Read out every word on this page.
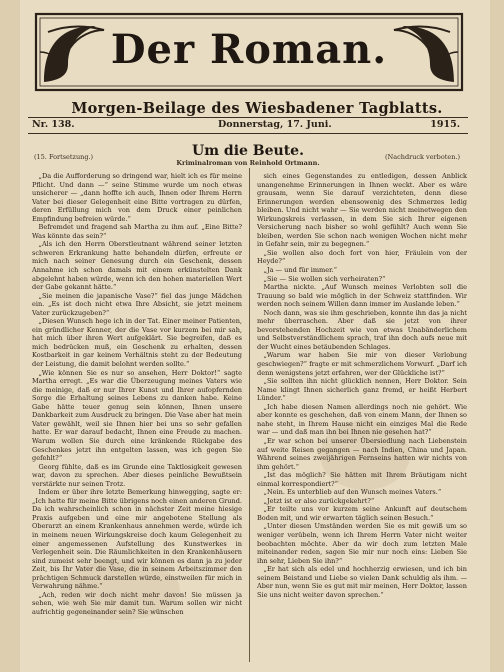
Der Roman.
Morgen-Beilage des Wiesbadener Tagblatts.
Nr. 138.	Donnerstag, 17. Juni.	1915.
Um die Beute.
(15. Fortsetzung.)	(Nachdruck verboten.)
Kriminalroman von Reinhold Ortmann.

 „Da die Aufforderung so dringend war, hielt ich es für meine Pflicht. Und dann —“ seine Stimme wurde um noch etwas unsicherer — „dann hoffte ich auch, Ihnen oder Ihrem Herrn Vater bei dieser Gelegenheit eine Bitte vortragen zu dürfen, deren Erfüllung mich von dem Druck einer peinlichen Empfindung befreien würde.“

 Befremdet und fragend sah Martha zu ihm auf. „Eine Bitte? Was könnte das sein?“

 „Als ich den Herrn Oberstleutnant während seiner letzten schweren Erkrankung hatte behandeln dürfen, erfreute er mich nach seiner Genesung durch ein Geschenk, dessen Annahme ich schon damals mit einem erkünstelten Dank abgelehnt haben würde, wenn ich den hohen materiellen Wert der Gabe gekannt hätte.“

 „Sie meinen die japanische Vase?“ fiel das junge Mädchen ein. „Es ist doch nicht etwa Ihre Absicht, sie jetzt meinem Vater zurückzugeben?“

 „Diesen Wunsch hege ich in der Tat. Einer meiner Patienten, ein gründlicher Kenner, der die Vase vor kurzem bei mir sah, hat mich über ihren Wert aufgeklärt. Sie begreifen, daß es mich bedrücken muß, ein Geschenk zu erhalten, dessen Kostbarkeit in gar keinem Verhältnis steht zu der Bedeutung der Leistung, die damit belohnt werden sollte.“

 „Wie können Sie es nur so ansehen, Herr Doktor!“ sagte Martha erregt. „Es war die Überzeugung meines Vaters wie die meinige, daß er nur Ihrer Kunst und Ihrer aufopfernden Sorge die Erhaltung seines Lebens zu danken habe. Keine Gabe hätte teuer genug sein können, Ihnen unsere Dankbarkeit zum Ausdruck zu bringen. Die Vase aber hat mein Vater gewählt, weil sie Ihnen hier bei uns so sehr gefallen hatte. Er war darauf bedacht, Ihnen eine Freude zu machen. Warum wollen Sie durch eine kränkende Rückgabe des Geschenkes jetzt ihn entgelten lassen, was ich gegen Sie gefehlt?“

 Georg fühlte, daß es im Grunde eine Taktlosigkeit gewesen war, davon zu sprechen. Aber dieses peinliche Bewußtsein verstärkte nur seinen Trotz.

 Indem er über ihre letzte Bemerkung hinwegging, sagte er: „Ich hatte für meine Bitte übrigens noch einen anderen Grund. Da ich wahrscheinlich schon in nächster Zeit meine hiesige Praxis aufgeben und eine mir angebotene Stellung als Oberarzt an einem Krankenhaus annehmen werde, würde ich in meinem neuen Wirkungskreise doch kaum Gelegenheit zu einer angemessenen Aufstellung des Kunstwerkes in Verlegenheit sein. Die Räumlichkeiten in den Krankenhäusern sind zumeist sehr beengt, und wir können es dann ja zu jeder Zeit, bis Ihr Vater die Vase, die in seinem Arbeitszimmer den prächtigen Schmuck darstellen würde, einstweilen für mich in Verwahrung nähme.“

 „Ach, reden wir doch nicht mehr davon! Sie müssen ja sehen, wie weh Sie mir damit tun. Warum sollen wir nicht aufrichtig gegeneinander sein? Sie wünschen

 sich eines Gegenstandes zu entledigen, dessen Anblick unangenehme Erinnerungen in Ihnen weckt. Aber es wäre grausam, wenn Sie darauf verzichteten, denn diese Erinnerungen werden ebensowenig des Schmerzes ledig bleiben. Und nicht wahr — Sie werden nicht meinetwegen den Wirkungskreis verlassen, in dem Sie sich Ihrer eigenen Versicherung nach bisher so wohl gefühlt? Auch wenn Sie bleiben, werden Sie schon nach wenigen Wochen nicht mehr in Gefahr sein, mir zu begegnen.“

 „Sie wollen also doch fort von hier, Fräulein von der Heyde?“

 „Ja — und für immer.“

 „Sie — Sie wollen sich verheiraten?“

 Martha nickte. „Auf Wunsch meines Verlobten soll die Trauung so bald wie möglich in der Schweiz stattfinden. Wir werden noch seinem Willen dann immer im Auslande leben.“

 Noch dann, was sie ihm geschrieben, konnte ihn das ja nicht mehr überraschen. Aber daß sie jetzt von ihrer bevorstehenden Hochzeit wie von etwas Unabänderlichem und Selbstverständlichem sprach, traf ihn doch aufs neue mit der Wucht eines betäubenden Schlages.

 „Warum war haben Sie mir von dieser Verlobung geschwiegen?“ fragte er mit schmerzlichem Vorwurf. „Darf ich denn wenigstens jetzt erfahren, wer der Glückliche ist?“

 „Sie sollten ihn nicht glücklich nennen, Herr Doktor. Sein Name klingt Ihnen sicherlich ganz fremd, er heißt Herbert Lünder.“

 „Ich habe diesen Namen allerdings noch nie gehört. Wie aber konnte es geschehen, daß von einem Mann, der Ihnen so nahe steht, in Ihrem Hause nicht ein einziges Mal die Rede war — und daß man ihn bei Ihnen nie gesehen hat?“

 „Er war schon bei unserer Übersiedlung nach Liebenstein auf weite Reisen gegangen — nach Indien, China und Japan. Während seines zweijährigen Fernseins hatten wir nichts von ihm gehört.“

 „Ist das möglich? Sie hätten mit Ihrem Bräutigam nicht einmal korrespondiert?“

 „Nein. Es unterblieb auf den Wunsch meines Vaters.“

 „Jetzt ist er also zurückgekehrt?“

 „Er teilte uns vor kurzem seine Ankunft auf deutschem Boden mit, und wir erwarten täglich seinen Besuch.“

 „Unter diesen Umständen werden Sie es mit gewiß um so weniger verübeln, wenn ich Ihrem Herrn Vater nicht weiter beobachten möchte. Aber da wir doch zum letzten Male miteinander reden, sagen Sie mir nur noch eins: Lieben Sie ihn sehr, Lieben Sie ihn?“

 „Er hat sich als edel und hochherzig erwiesen, und ich bin seinem Beistand und Liebe so vielen Dank schuldig als ihm. — Aber nun, wenn Sie es gut mit mir meinen, Herr Doktor, lassen Sie uns nicht weiter davon sprechen.“
